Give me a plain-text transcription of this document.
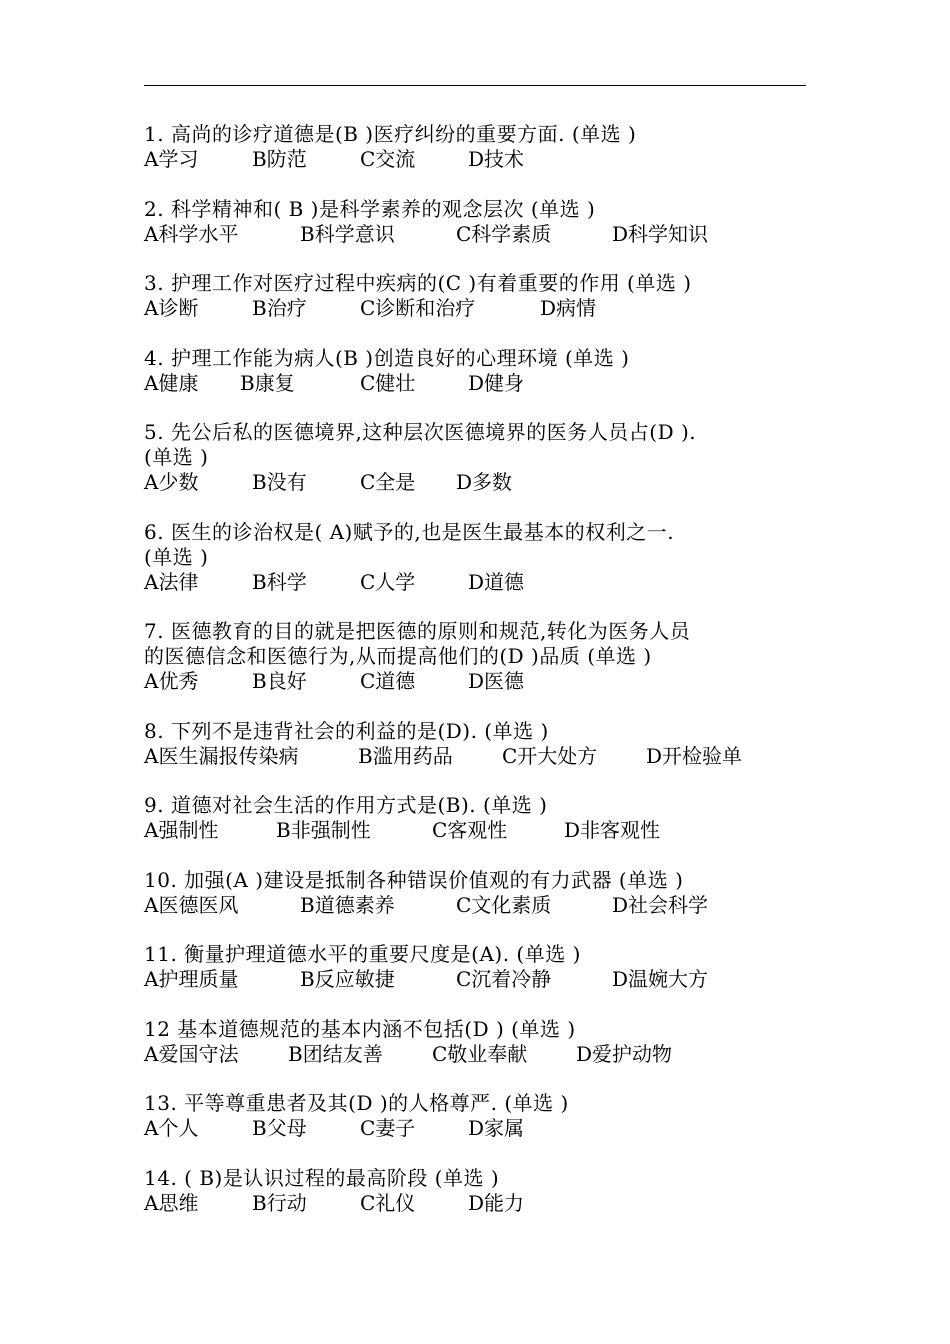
1. 高尚的诊疗道德是(B )医疗纠纷的重要方面. (单选 )
A学习	B防范	C交流	D技术
2. 科学精神和( B )是科学素养的观念层次 (单选 )
A科学水平	B科学意识	C科学素质	D科学知识
3. 护理工作对医疗过程中疾病的(C )有着重要的作用 (单选 )
A诊断	B治疗	C诊断和治疗	D病情
4. 护理工作能为病人(B )创造良好的心理环境 (单选 )
A健康	B康复	C健壮	D健身
5. 先公后私的医德境界,这种层次医德境界的医务人员占(D ).
(单选 )
A少数	B没有	C全是	D多数
6. 医生的诊治权是( A)赋予的,也是医生最基本的权利之一.
(单选 )
A法律	B科学	C人学	D道德
7. 医德教育的目的就是把医德的原则和规范,转化为医务人员
的医德信念和医德行为,从而提高他们的(D )品质 (单选 )
A优秀	B良好	C道德	D医德
8. 下列不是违背社会的利益的是(D). (单选 )
A医生漏报传染病	B滥用药品	C开大处方	D开检验单
9. 道德对社会生活的作用方式是(B). (单选 )
A强制性	B非强制性	C客观性	D非客观性
10. 加强(A )建设是抵制各种错误价值观的有力武器 (单选 )
A医德医风	B道德素养	C文化素质	D社会科学
11. 衡量护理道德水平的重要尺度是(A). (单选 )
A护理质量	B反应敏捷	C沉着冷静	D温婉大方
12 基本道德规范的基本内涵不包括(D ) (单选 )
A爱国守法	B团结友善	C敬业奉献	D爱护动物
13. 平等尊重患者及其(D )的人格尊严. (单选 )
A个人	B父母	C妻子	D家属
14. ( B)是认识过程的最高阶段 (单选 )
A思维	B行动	C礼仪	D能力
